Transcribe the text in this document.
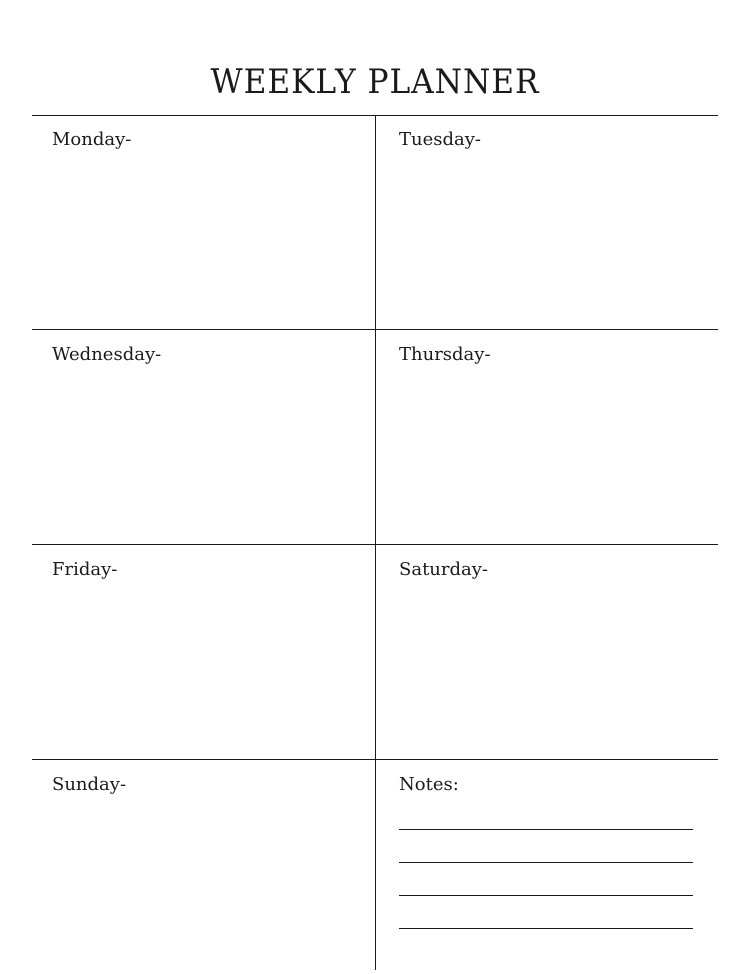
WEEKLY PLANNER
Monday-	Tuesday-
Wednesday-	Thursday-
Friday-	Saturday-
Sunday-	Notes:
